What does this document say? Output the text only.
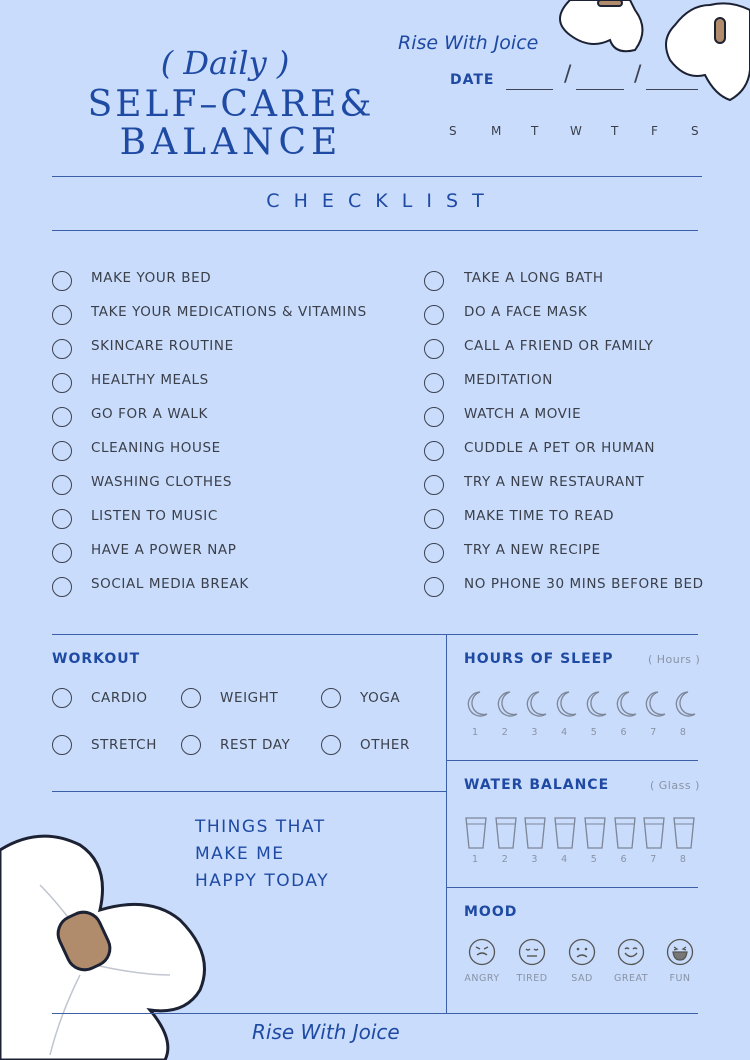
( Daily )
SELF–CARE&
BALANCE
Rise With Joice
DATE	/	/
S	M T	W T	F	S
C H E C K L I S T
MAKE YOUR BED
TAKE YOUR MEDICATIONS & VITAMINS
SKINCARE ROUTINE
HEALTHY MEALS
GO FOR A WALK
CLEANING HOUSE
WASHING CLOTHES
LISTEN TO MUSIC
HAVE A POWER NAP
SOCIAL MEDIA BREAK
TAKE A LONG BATH
DO A FACE MASK
CALL A FRIEND OR FAMILY
MEDITATION
WATCH A MOVIE
CUDDLE A PET OR HUMAN
TRY A NEW RESTAURANT
MAKE TIME TO READ
TRY A NEW RECIPE
NO PHONE 30 MINS BEFORE BED
WORKOUT
CARDIO	WEIGHT	YOGA
STRETCH	REST DAY	OTHER
THINGS THAT
MAKE ME
HAPPY TODAY
HOURS OF SLEEP	( Hours )
1 2 3 4 5 6 7 8
WATER BALANCE	( Glass )
1 2 3 4 5 6 7 8
MOOD
ANGRY	TIRED	SAD	GREAT	FUN
Rise With Joice
